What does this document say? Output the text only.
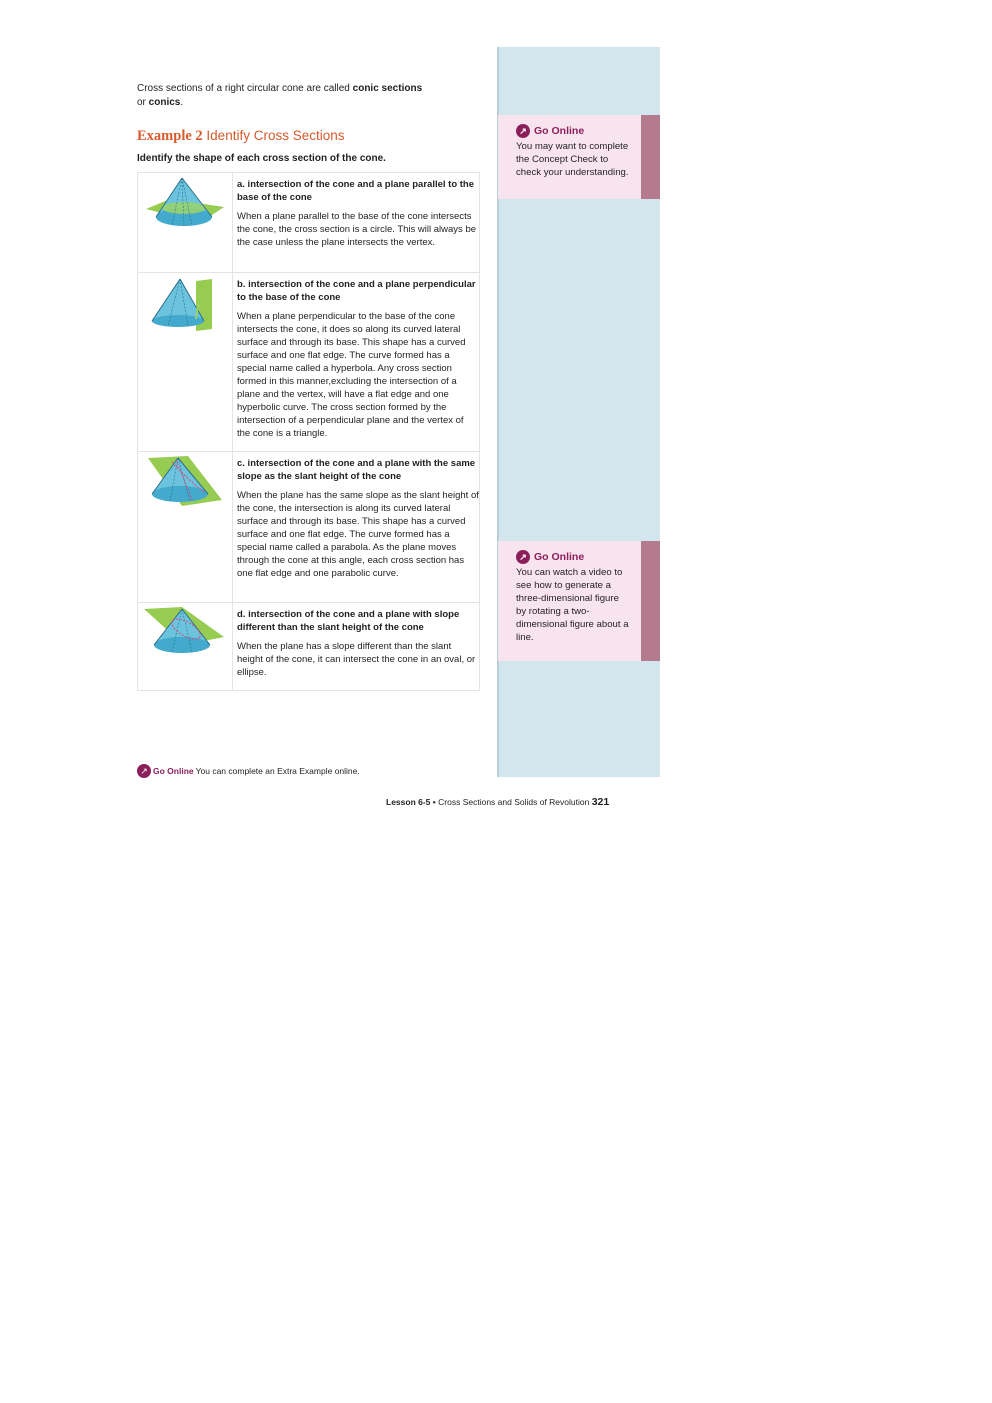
↗ Go Online
You may want to complete the Concept Check to check your understanding.
↗ Go Online
You can watch a video to see how to generate a three-dimensional figure by rotating a two-dimensional figure about a line.
Cross sections of a right circular cone are called conic sections
or conics.
Example 2 Identify Cross Sections
Identify the shape of each cross section of the cone.

a. intersection of the cone and a plane parallel to the base of the cone
When a plane parallel to the base of the cone intersects the cone, the cross section is a circle. This will always be the case unless the plane intersects the vertex.

b. intersection of the cone and a plane perpendicular to the base of the cone
When a plane perpendicular to the base of the cone intersects the cone, it does so along its curved lateral surface and through its base. This shape has a curved surface and one flat edge. The curve formed has a special name called a hyperbola. Any cross section formed in this manner,excluding the intersection of a plane and the vertex, will have a flat edge and one hyperbolic curve. The cross section formed by the intersection of a perpendicular plane and the vertex of the cone is a triangle.

c. intersection of the cone and a plane with the same slope as the slant height of the cone
When the plane has the same slope as the slant height of the cone, the intersection is along its curved lateral surface and through its base. This shape has a curved surface and one flat edge. The curve formed has a special name called a parabola. As the plane moves through the cone at this angle, each cross section has one flat edge and one parabolic curve.

d. intersection of the cone and a plane with slope different than the slant height of the cone
When the plane has a slope different than the slant height of the cone, it can intersect the cone in an oval, or ellipse.
↗ Go Online You can complete an Extra Example online.
Lesson 6-5 • Cross Sections and Solids of Revolution 321
